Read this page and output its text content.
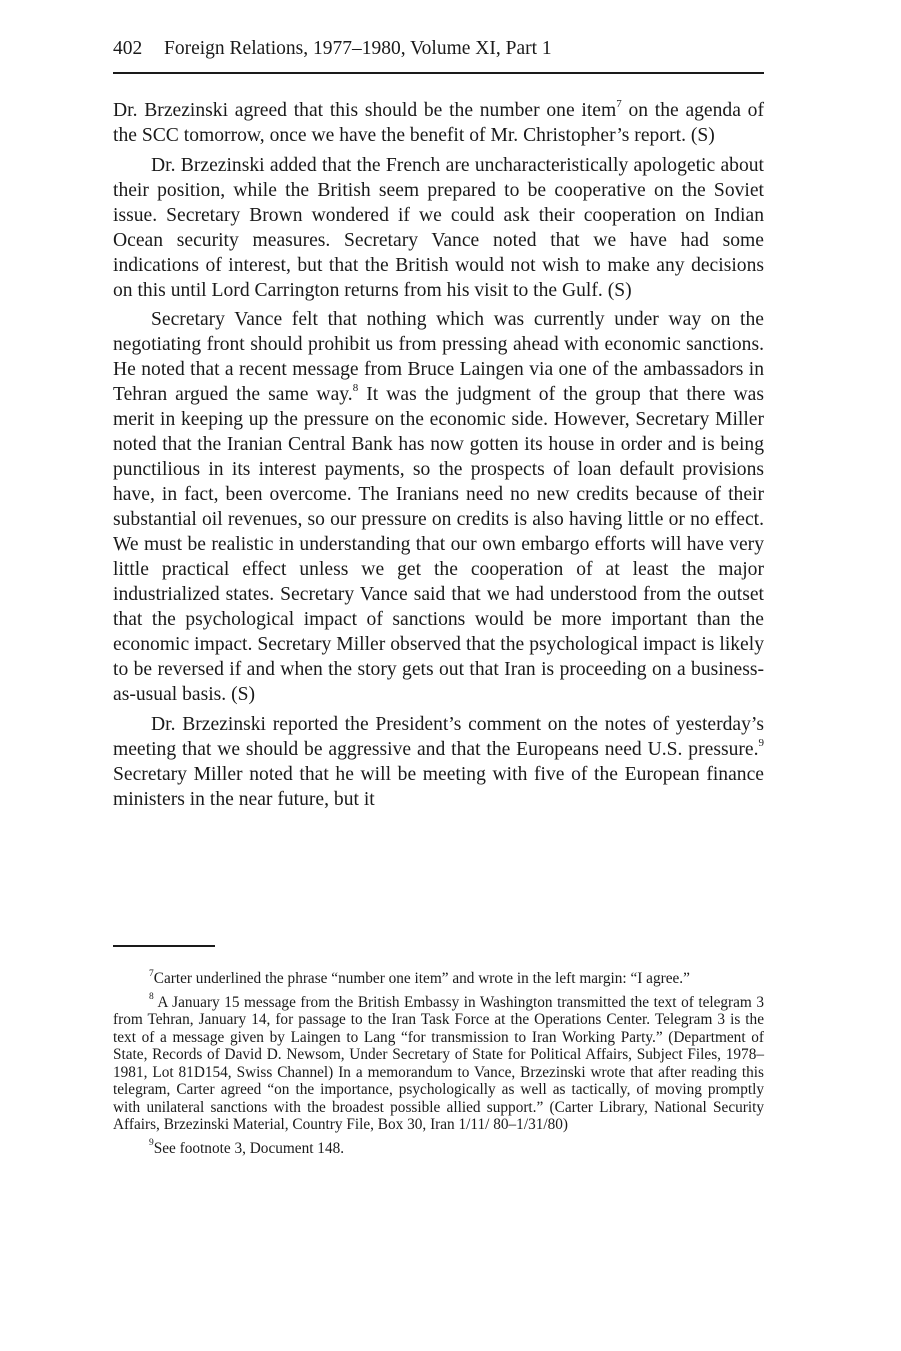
402 Foreign Relations, 1977–1980, Volume XI, Part 1

Dr. Brzezinski agreed that this should be the number one item$^7$ on the agenda of the SCC tomorrow, once we have the benefit of Mr. Christopher’s report. (S)

Dr. Brzezinski added that the French are uncharacteristically apologetic about their position, while the British seem prepared to be cooperative on the Soviet issue. Secretary Brown wondered if we could ask their cooperation on Indian Ocean security measures. Secretary Vance noted that we have had some indications of interest, but that the British would not wish to make any decisions on this until Lord Carrington returns from his visit to the Gulf. (S)

Secretary Vance felt that nothing which was currently under way on the negotiating front should prohibit us from pressing ahead with economic sanctions. He noted that a recent message from Bruce Laingen via one of the ambassadors in Tehran argued the same way.$^8$ It was the judgment of the group that there was merit in keeping up the pressure on the economic side. However, Secretary Miller noted that the Iranian Central Bank has now gotten its house in order and is being punctilious in its interest payments, so the prospects of loan default provisions have, in fact, been overcome. The Iranians need no new credits because of their substantial oil revenues, so our pressure on credits is also having little or no effect. We must be realistic in understanding that our own embargo efforts will have very little practical effect unless we get the cooperation of at least the major industrialized states. Secretary Vance said that we had understood from the outset that the psychological impact of sanctions would be more important than the economic impact. Secretary Miller observed that the psychological impact is likely to be reversed if and when the story gets out that Iran is proceeding on a business-as-usual basis. (S)

Dr. Brzezinski reported the President’s comment on the notes of yesterday’s meeting that we should be aggressive and that the Europeans need U.S. pressure.$^9$ Secretary Miller noted that he will be meeting with five of the European finance ministers in the near future, but it

$^7$Carter underlined the phrase “number one item” and wrote in the left margin: “I agree.”

$^8$ A January 15 message from the British Embassy in Washington transmitted the text of telegram 3 from Tehran, January 14, for passage to the Iran Task Force at the Operations Center. Telegram 3 is the text of a message given by Laingen to Lang “for transmission to Iran Working Party.” (Department of State, Records of David D. Newsom, Under Secretary of State for Political Affairs, Subject Files, 1978–1981, Lot 81D154, Swiss Channel) In a memorandum to Vance, Brzezinski wrote that after reading this telegram, Carter agreed “on the importance, psychologically as well as tactically, of moving promptly with unilateral sanctions with the broadest possible allied support.” (Carter Library, National Security Affairs, Brzezinski Material, Country File, Box 30, Iran 1/11/ 80–1/31/80)

$^9$See footnote 3, Document 148.
